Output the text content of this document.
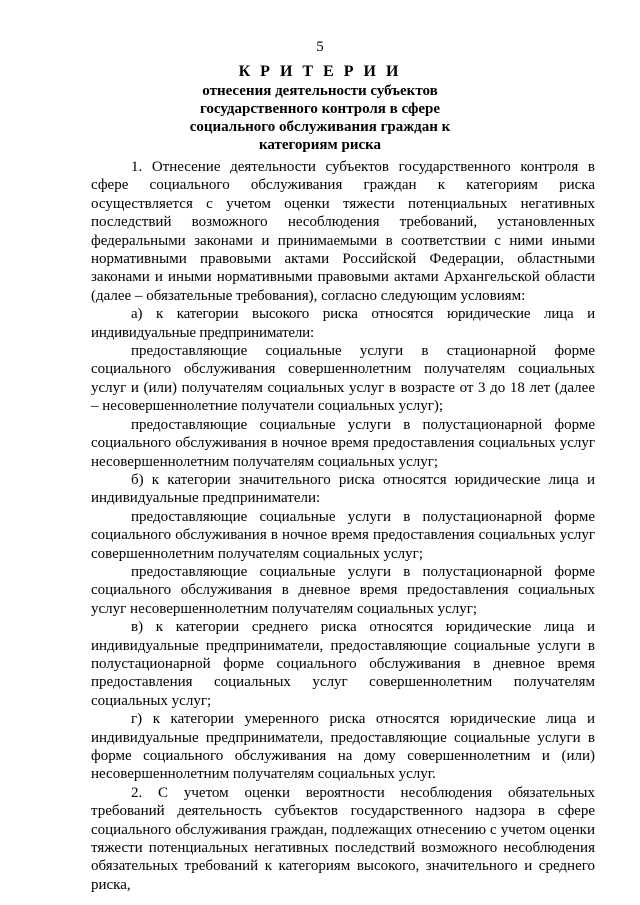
5
К Р И Т Е Р И И
отнесения деятельности субъектов государственного контроля в сфере социального обслуживания граждан к категориям риска

1. Отнесение деятельности субъектов государственного контроля в сфере социального обслуживания граждан к категориям риска осуществляется с учетом оценки тяжести потенциальных негативных последствий возможного несоблюдения требований, установленных федеральными законами и принимаемыми в соответствии с ними иными нормативными правовыми актами Российской Федерации, областными законами и иными нормативными правовыми актами Архангельской области (далее – обязательные требования), согласно следующим условиям:

а) к категории высокого риска относятся юридические лица и индивидуальные предприниматели:

предоставляющие социальные услуги в стационарной форме социального обслуживания совершеннолетним получателям социальных услуг и (или) получателям социальных услуг в возрасте от 3 до 18 лет (далее – несовершеннолетние получатели социальных услуг);

предоставляющие социальные услуги в полустационарной форме социального обслуживания в ночное время предоставления социальных услуг несовершеннолетним получателям социальных услуг;

б) к категории значительного риска относятся юридические лица и индивидуальные предприниматели:

предоставляющие социальные услуги в полустационарной форме социального обслуживания в ночное время предоставления социальных услуг совершеннолетним получателям социальных услуг;

предоставляющие социальные услуги в полустационарной форме социального обслуживания в дневное время предоставления социальных услуг несовершеннолетним получателям социальных услуг;

в) к категории среднего риска относятся юридические лица и индивидуальные предприниматели, предоставляющие социальные услуги в полустационарной форме социального обслуживания в дневное время предоставления социальных услуг совершеннолетним получателям социальных услуг;

г) к категории умеренного риска относятся юридические лица и индивидуальные предприниматели, предоставляющие социальные услуги в форме социального обслуживания на дому совершеннолетним и (или) несовершеннолетним получателям социальных услуг.

2. С учетом оценки вероятности несоблюдения обязательных требований деятельность субъектов государственного надзора в сфере социального обслуживания граждан, подлежащих отнесению с учетом оценки тяжести потенциальных негативных последствий возможного несоблюдения обязательных требований к категориям высокого, значительного и среднего риска,
